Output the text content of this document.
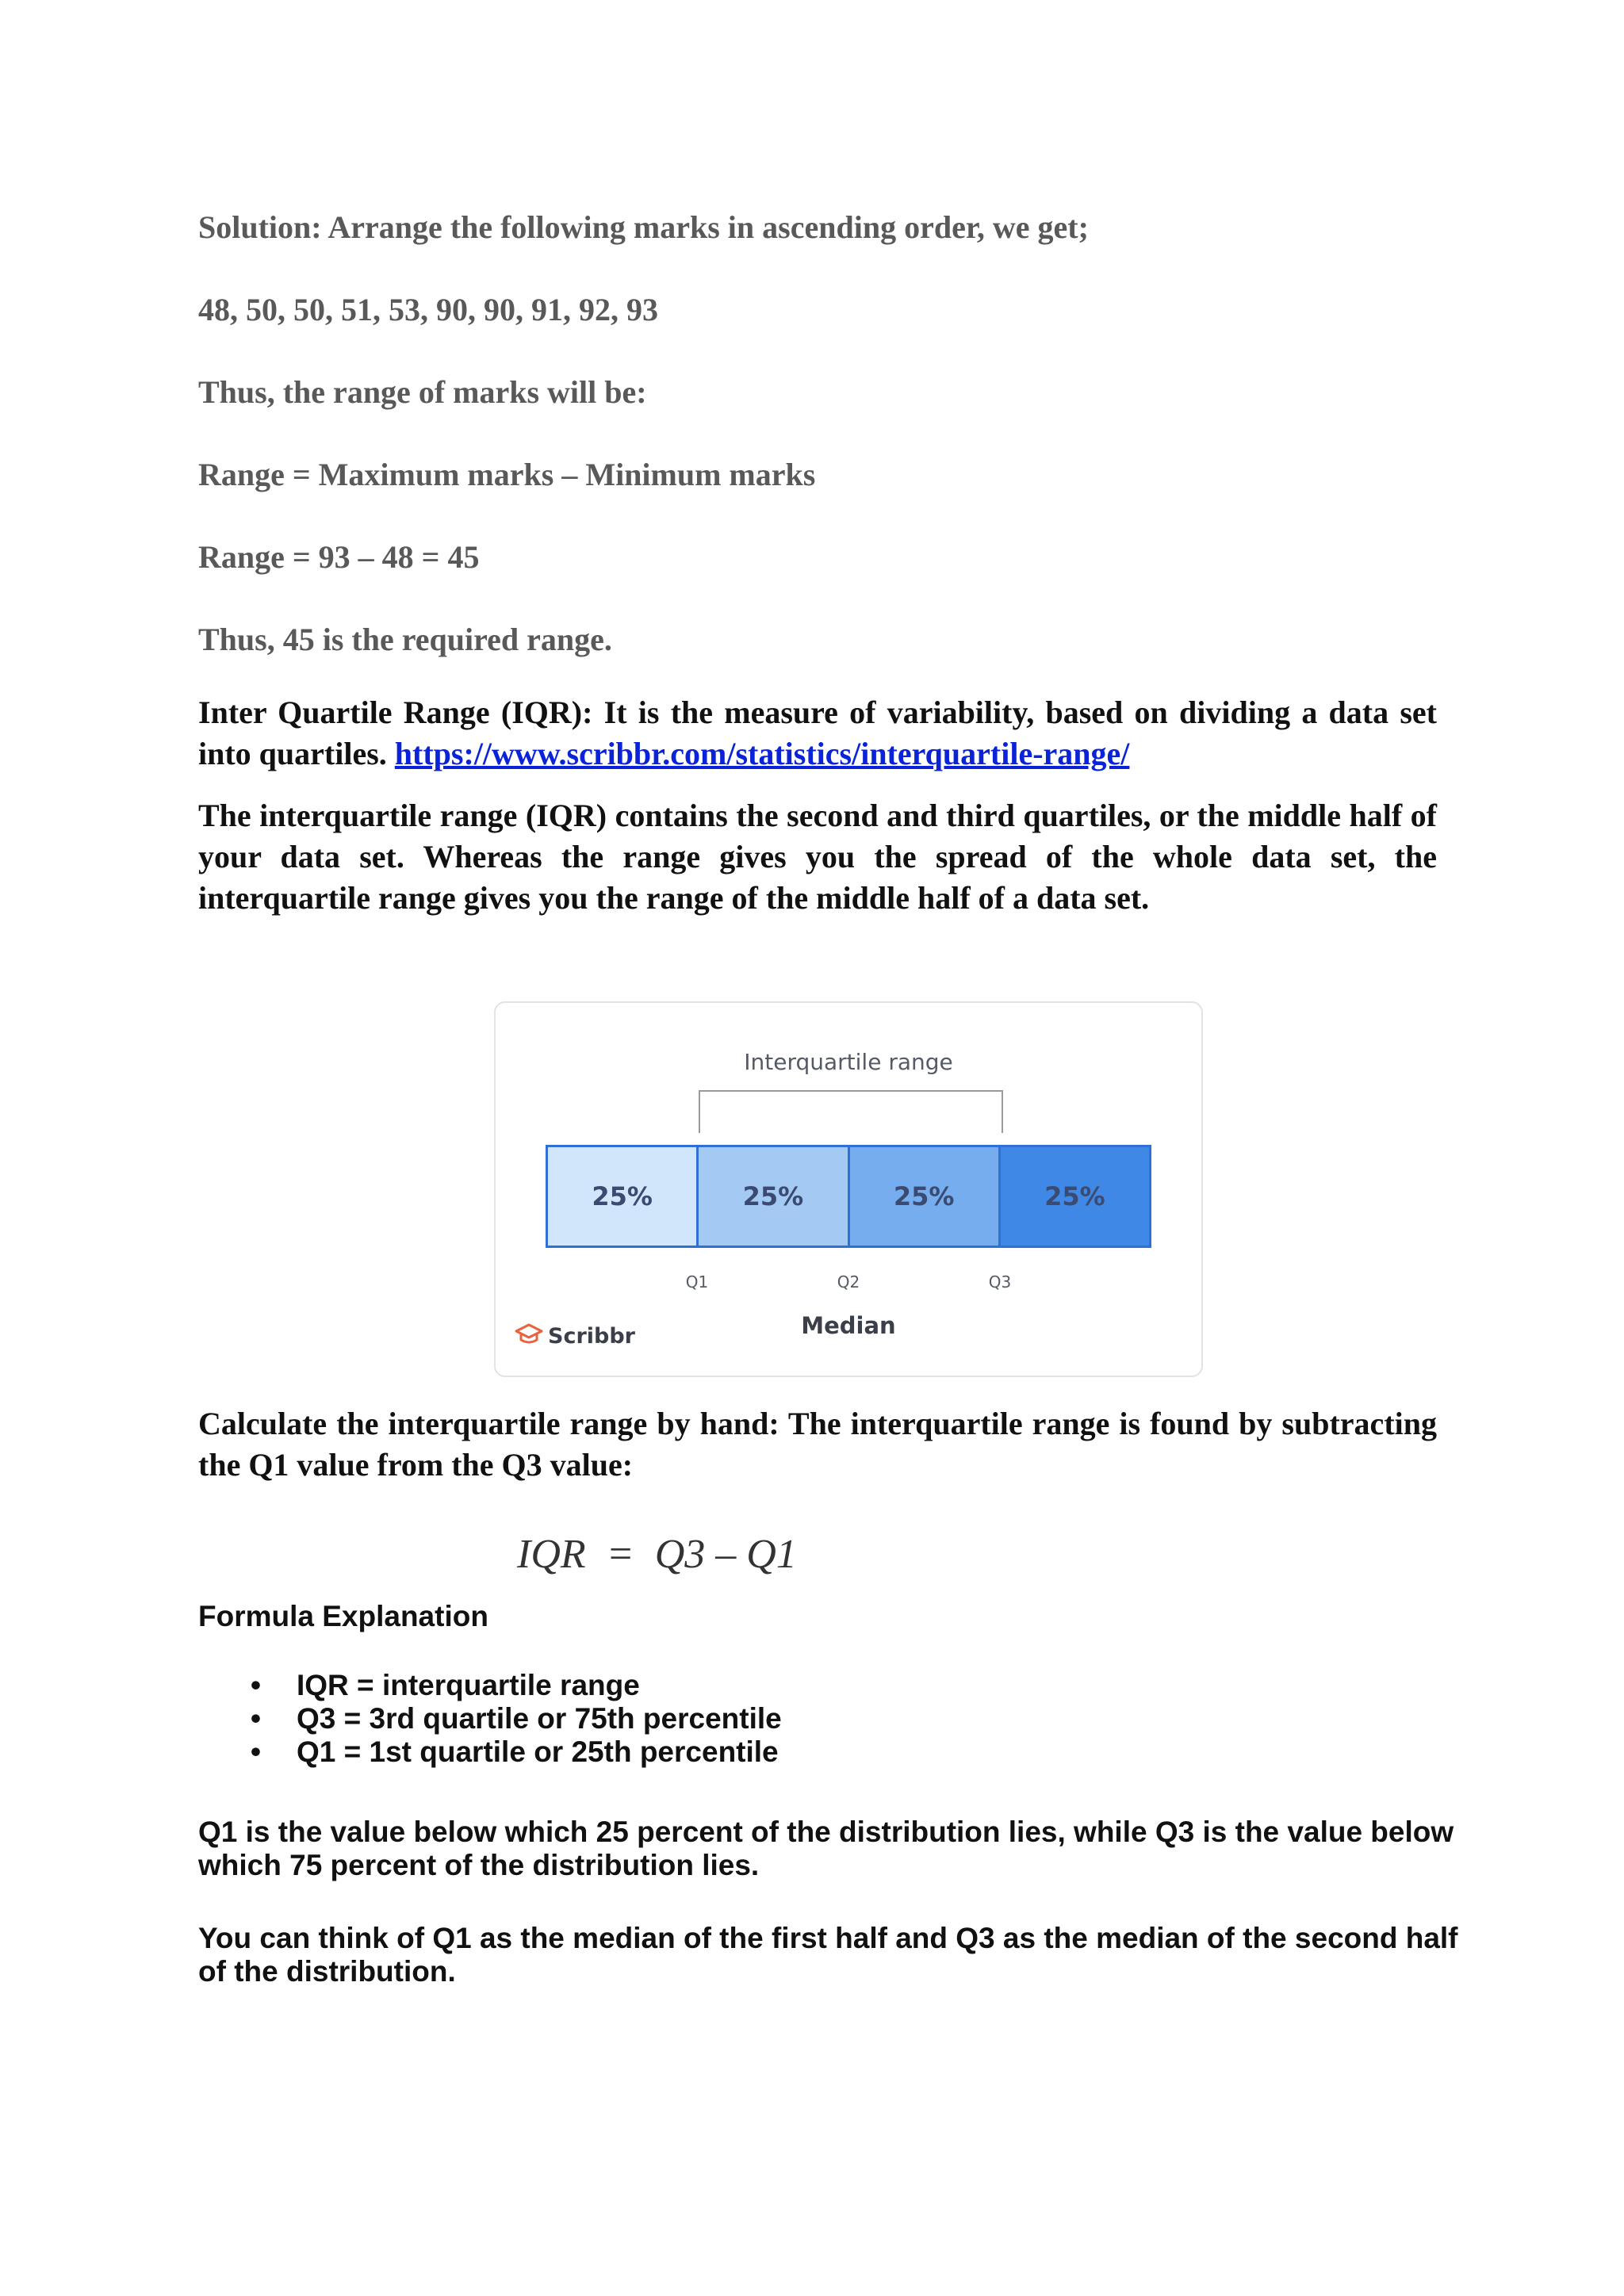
Solution: Arrange the following marks in ascending order, we get;
48, 50, 50, 51, 53, 90, 90, 91, 92, 93
Thus, the range of marks will be:
Range = Maximum marks – Minimum marks
Range = 93 – 48 = 45
Thus, 45 is the required range.
Inter Quartile Range (IQR): It is the measure of variability, based on dividing a data set into quartiles. https://www.scribbr.com/statistics/interquartile-range/
The interquartile range (IQR) contains the second and third quartiles, or the middle half of your data set. Whereas the range gives you the spread of the whole data set, the interquartile range gives you the range of the middle half of a data set.
Interquartile range
25%	25%	25%	25%
Q1	Q2	Q3
Median
Scribbr
Calculate the interquartile range by hand: The interquartile range is found by subtracting the Q1 value from the Q3 value:
IQR  =  Q3 – Q1
Formula Explanation
• IQR = interquartile range
• Q3 = 3rd quartile or 75th percentile
• Q1 = 1st quartile or 25th percentile
Q1 is the value below which 25 percent of the distribution lies, while Q3 is the value below which 75 percent of the distribution lies.
You can think of Q1 as the median of the first half and Q3 as the median of the second half of the distribution.
